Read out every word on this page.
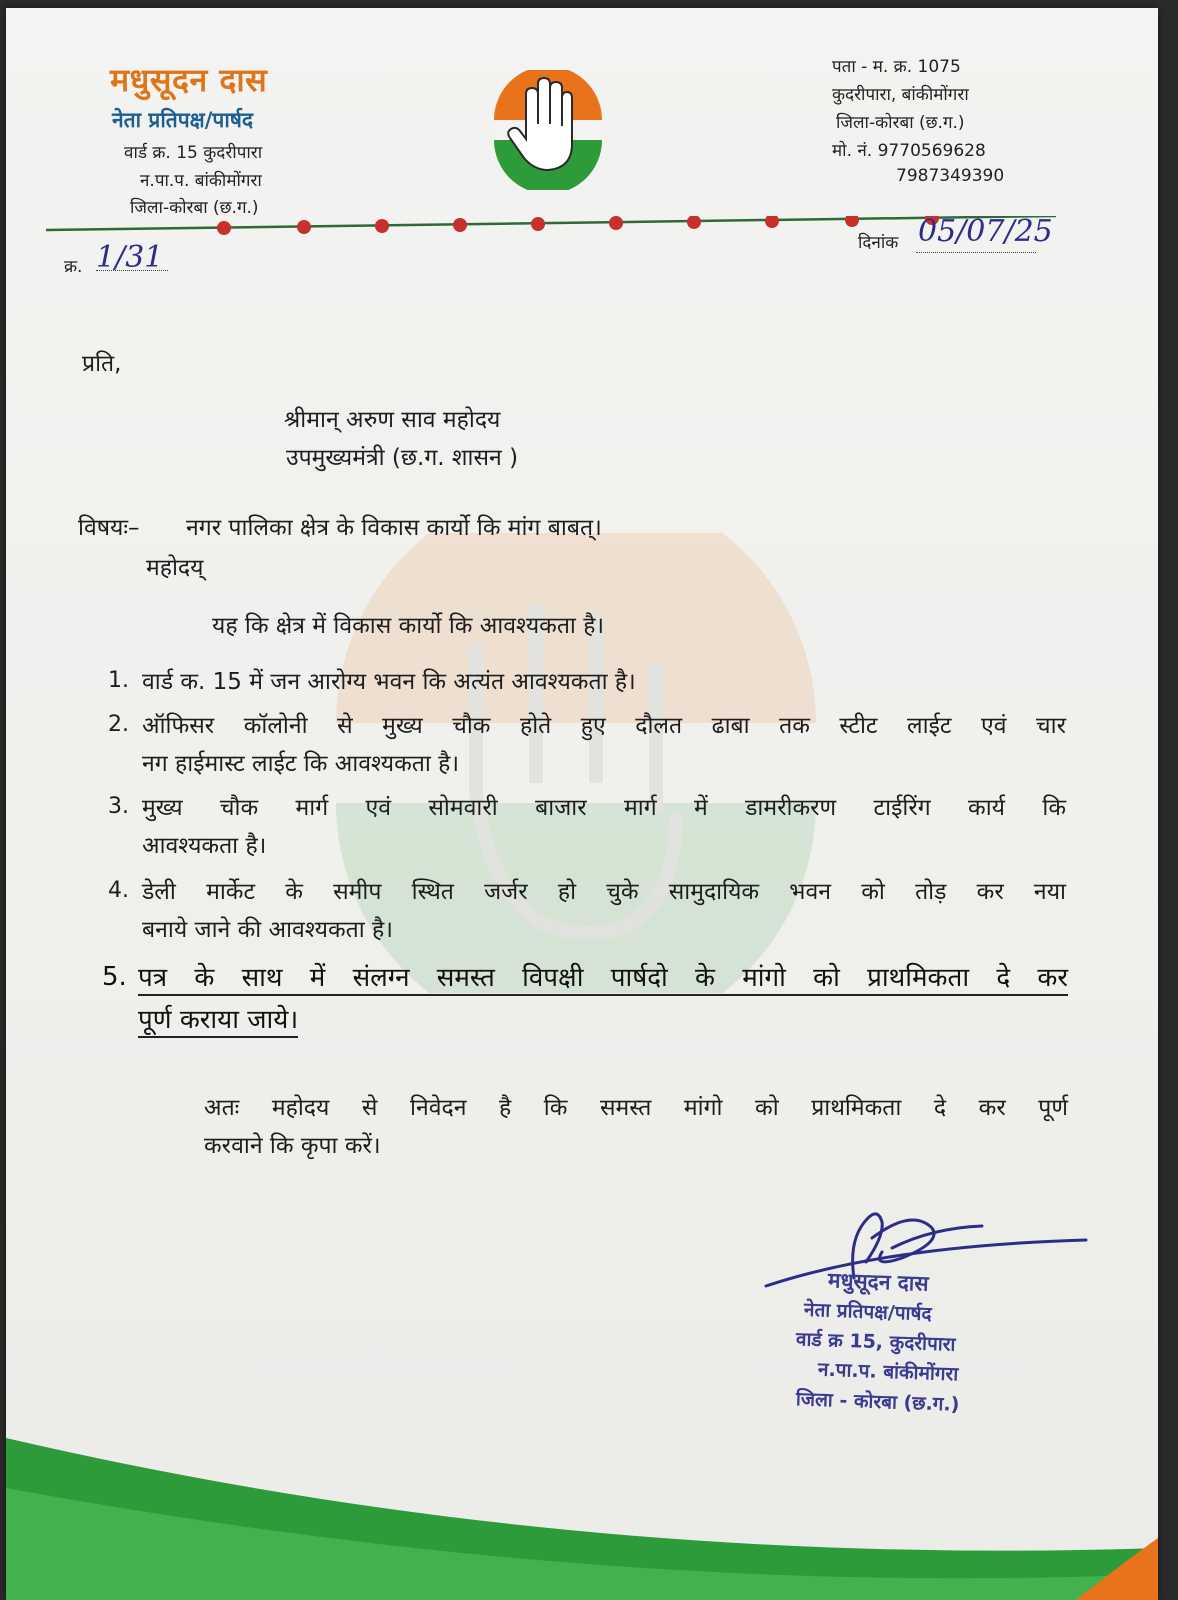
मधुसूदन दास
नेता प्रतिपक्ष/पार्षद
वार्ड क्र. 15 कुदरीपारा
न.पा.प. बांकीमोंगरा
जिला-कोरबा (छ.ग.)
पता - म. क्र. 1075
कुदरीपारा, बांकीमोंगरा
जिला-कोरबा (छ.ग.)
मो. नं. 9770569628
7987349390
क्र. 1/31	दिनांक 05/07/25
प्रति,
श्रीमान् अरुण साव महोदय
उपमुख्यमंत्री (छ.ग. शासन )
विषयः– नगर पालिका क्षेत्र के विकास कार्यो कि मांग बाबत्।
महोदय्
यह कि क्षेत्र में विकास कार्यो कि आवश्यकता है।
1. वार्ड क. 15 में जन आरोग्य भवन कि अत्यंत आवश्यकता है।
2. ऑफिसर कॉलोनी से मुख्य चौक होते हुए दौलत ढाबा तक स्टीट लाईट एवं चार
नग हाईमास्ट लाईट कि आवश्यकता है।
3. मुख्य चौक मार्ग एवं सोमवारी बाजार मार्ग में डामरीकरण टाईरिंग कार्य कि
आवश्यकता है।
4. डेली मार्केट के समीप स्थित जर्जर हो चुके सामुदायिक भवन को तोड़ कर नया
बनाये जाने की आवश्यकता है।
5. पत्र के साथ में संलग्न समस्त विपक्षी पार्षदो के मांगो को प्राथमिकता दे कर
पूर्ण कराया जाये।
अतः महोदय से निवेदन है कि समस्त मांगो को प्राथमिकता दे कर पूर्ण
करवाने कि कृपा करें।
मधुसूदन दास
नेता प्रतिपक्ष/पार्षद
वार्ड क्र 15, कुदरीपारा
न.पा.प. बांकीमोंगरा
जिला - कोरबा (छ.ग.)
